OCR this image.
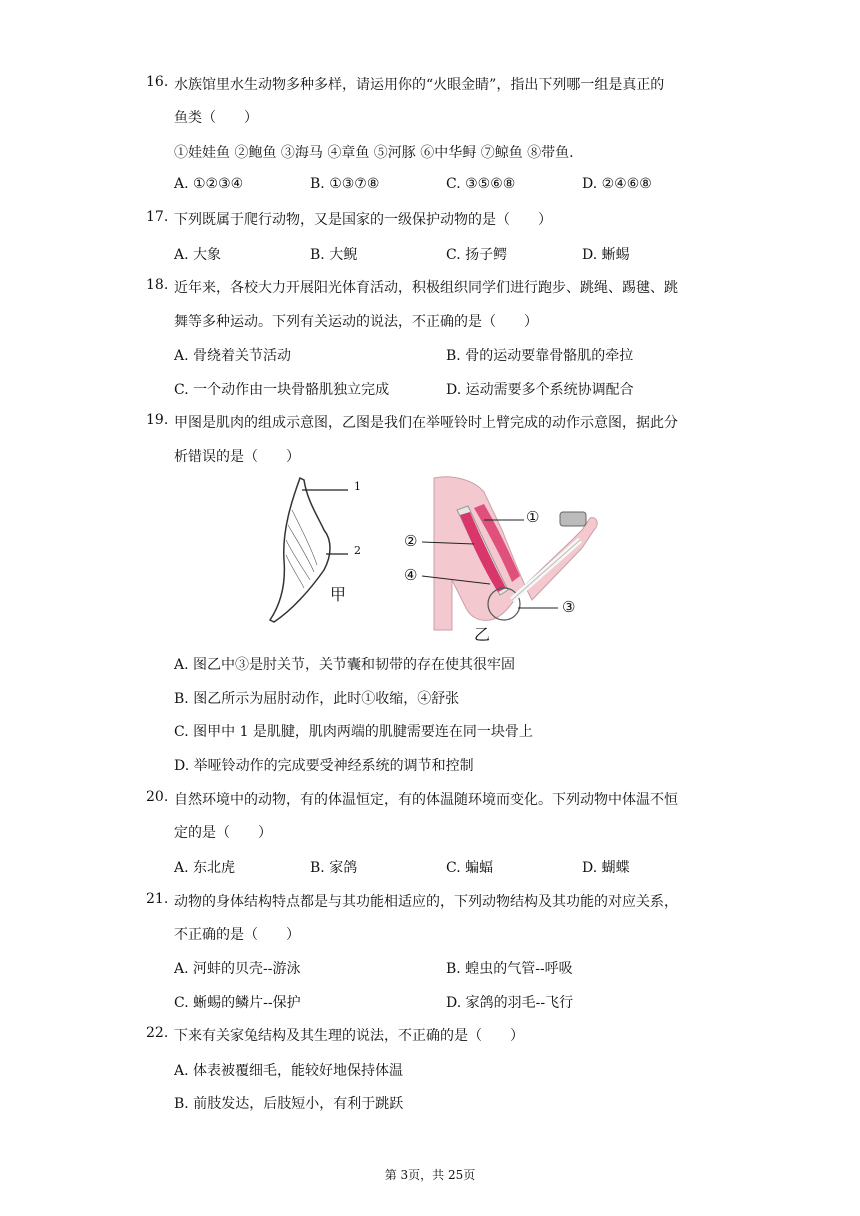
16. 水族馆里水生动物多种多样，请运用你的“火眼金睛”，指出下列哪一组是真正的
鱼类（　　）
①娃娃鱼 ②鲍鱼 ③海马 ④章鱼 ⑤河豚 ⑥中华鲟 ⑦鲸鱼 ⑧带鱼.
A. ①②③④	B. ①③⑦⑧	C. ③⑤⑥⑧	D. ②④⑥⑧
17. 下列既属于爬行动物，又是国家的一级保护动物的是（　　）
A. 大象	B. 大鲵	C. 扬子鳄	D. 蜥蜴
18. 近年来，各校大力开展阳光体育活动，积极组织同学们进行跑步、跳绳、踢毽、跳
舞等多种运动。下列有关运动的说法，不正确的是（　　）
A. 骨绕着关节活动	B. 骨的运动要靠骨骼肌的牵拉
C. 一个动作由一块骨骼肌独立完成	D. 运动需要多个系统协调配合
19. 甲图是肌肉的组成示意图，乙图是我们在举哑铃时上臂完成的动作示意图，据此分
析错误的是（　　）
1
2
甲
①
②
④
③
乙
A. 图乙中③是肘关节，关节囊和韧带的存在使其很牢固
B. 图乙所示为屈肘动作，此时①收缩，④舒张
C. 图甲中 1 是肌腱，肌肉两端的肌腱需要连在同一块骨上
D. 举哑铃动作的完成要受神经系统的调节和控制
20. 自然环境中的动物，有的体温恒定，有的体温随环境而变化。下列动物中体温不恒
定的是（　　）
A. 东北虎	B. 家鸽	C. 蝙蝠	D. 蝴蝶
21. 动物的身体结构特点都是与其功能相适应的，下列动物结构及其功能的对应关系，
不正确的是（　　）
A. 河蚌的贝壳--游泳	B. 蝗虫的气管--呼吸
C. 蜥蜴的鳞片--保护	D. 家鸽的羽毛--飞行
22. 下来有关家兔结构及其生理的说法，不正确的是（　　）
A. 体表被覆细毛，能较好地保持体温
B. 前肢发达，后肢短小，有利于跳跃
第 3页，共 25页
